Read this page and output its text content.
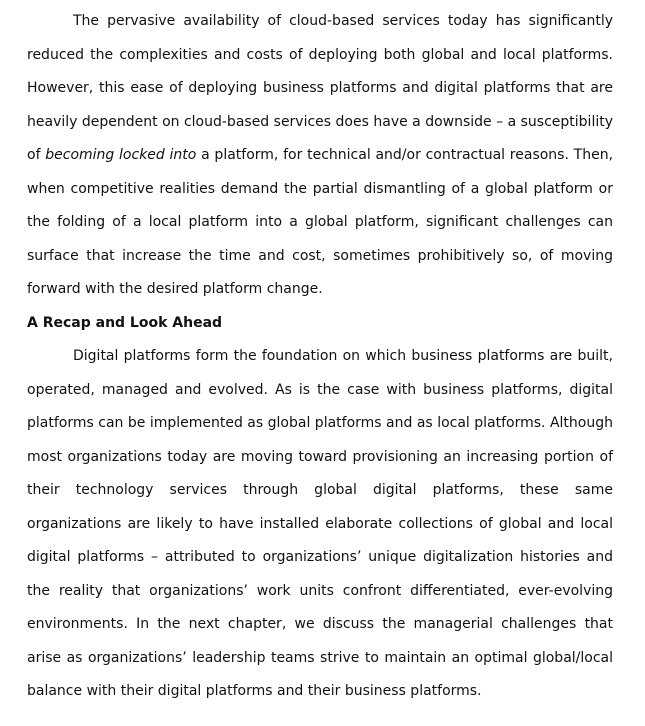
The pervasive availability of cloud-based services today has significantly reduced the complexities and costs of deploying both global and local platforms. However, this ease of deploying business platforms and digital platforms that are heavily dependent on cloud-based services does have a downside – a susceptibility of becoming locked into a platform, for technical and/or contractual reasons. Then, when competitive realities demand the partial dismantling of a global platform or the folding of a local platform into a global platform, significant challenges can surface that increase the time and cost, sometimes prohibitively so, of moving forward with the desired platform change.

A Recap and Look Ahead

Digital platforms form the foundation on which business platforms are built, operated, managed and evolved. As is the case with business platforms, digital platforms can be implemented as global platforms and as local platforms. Although most organizations today are moving toward provisioning an increasing portion of their technology services through global digital platforms, these same organizations are likely to have installed elaborate collections of global and local digital platforms – attributed to organizations’ unique digitalization histories and the reality that organizations’ work units confront differentiated, ever-evolving environments. In the next chapter, we discuss the managerial challenges that arise as organizations’ leadership teams strive to maintain an optimal global/local balance with their digital platforms and their business platforms.
